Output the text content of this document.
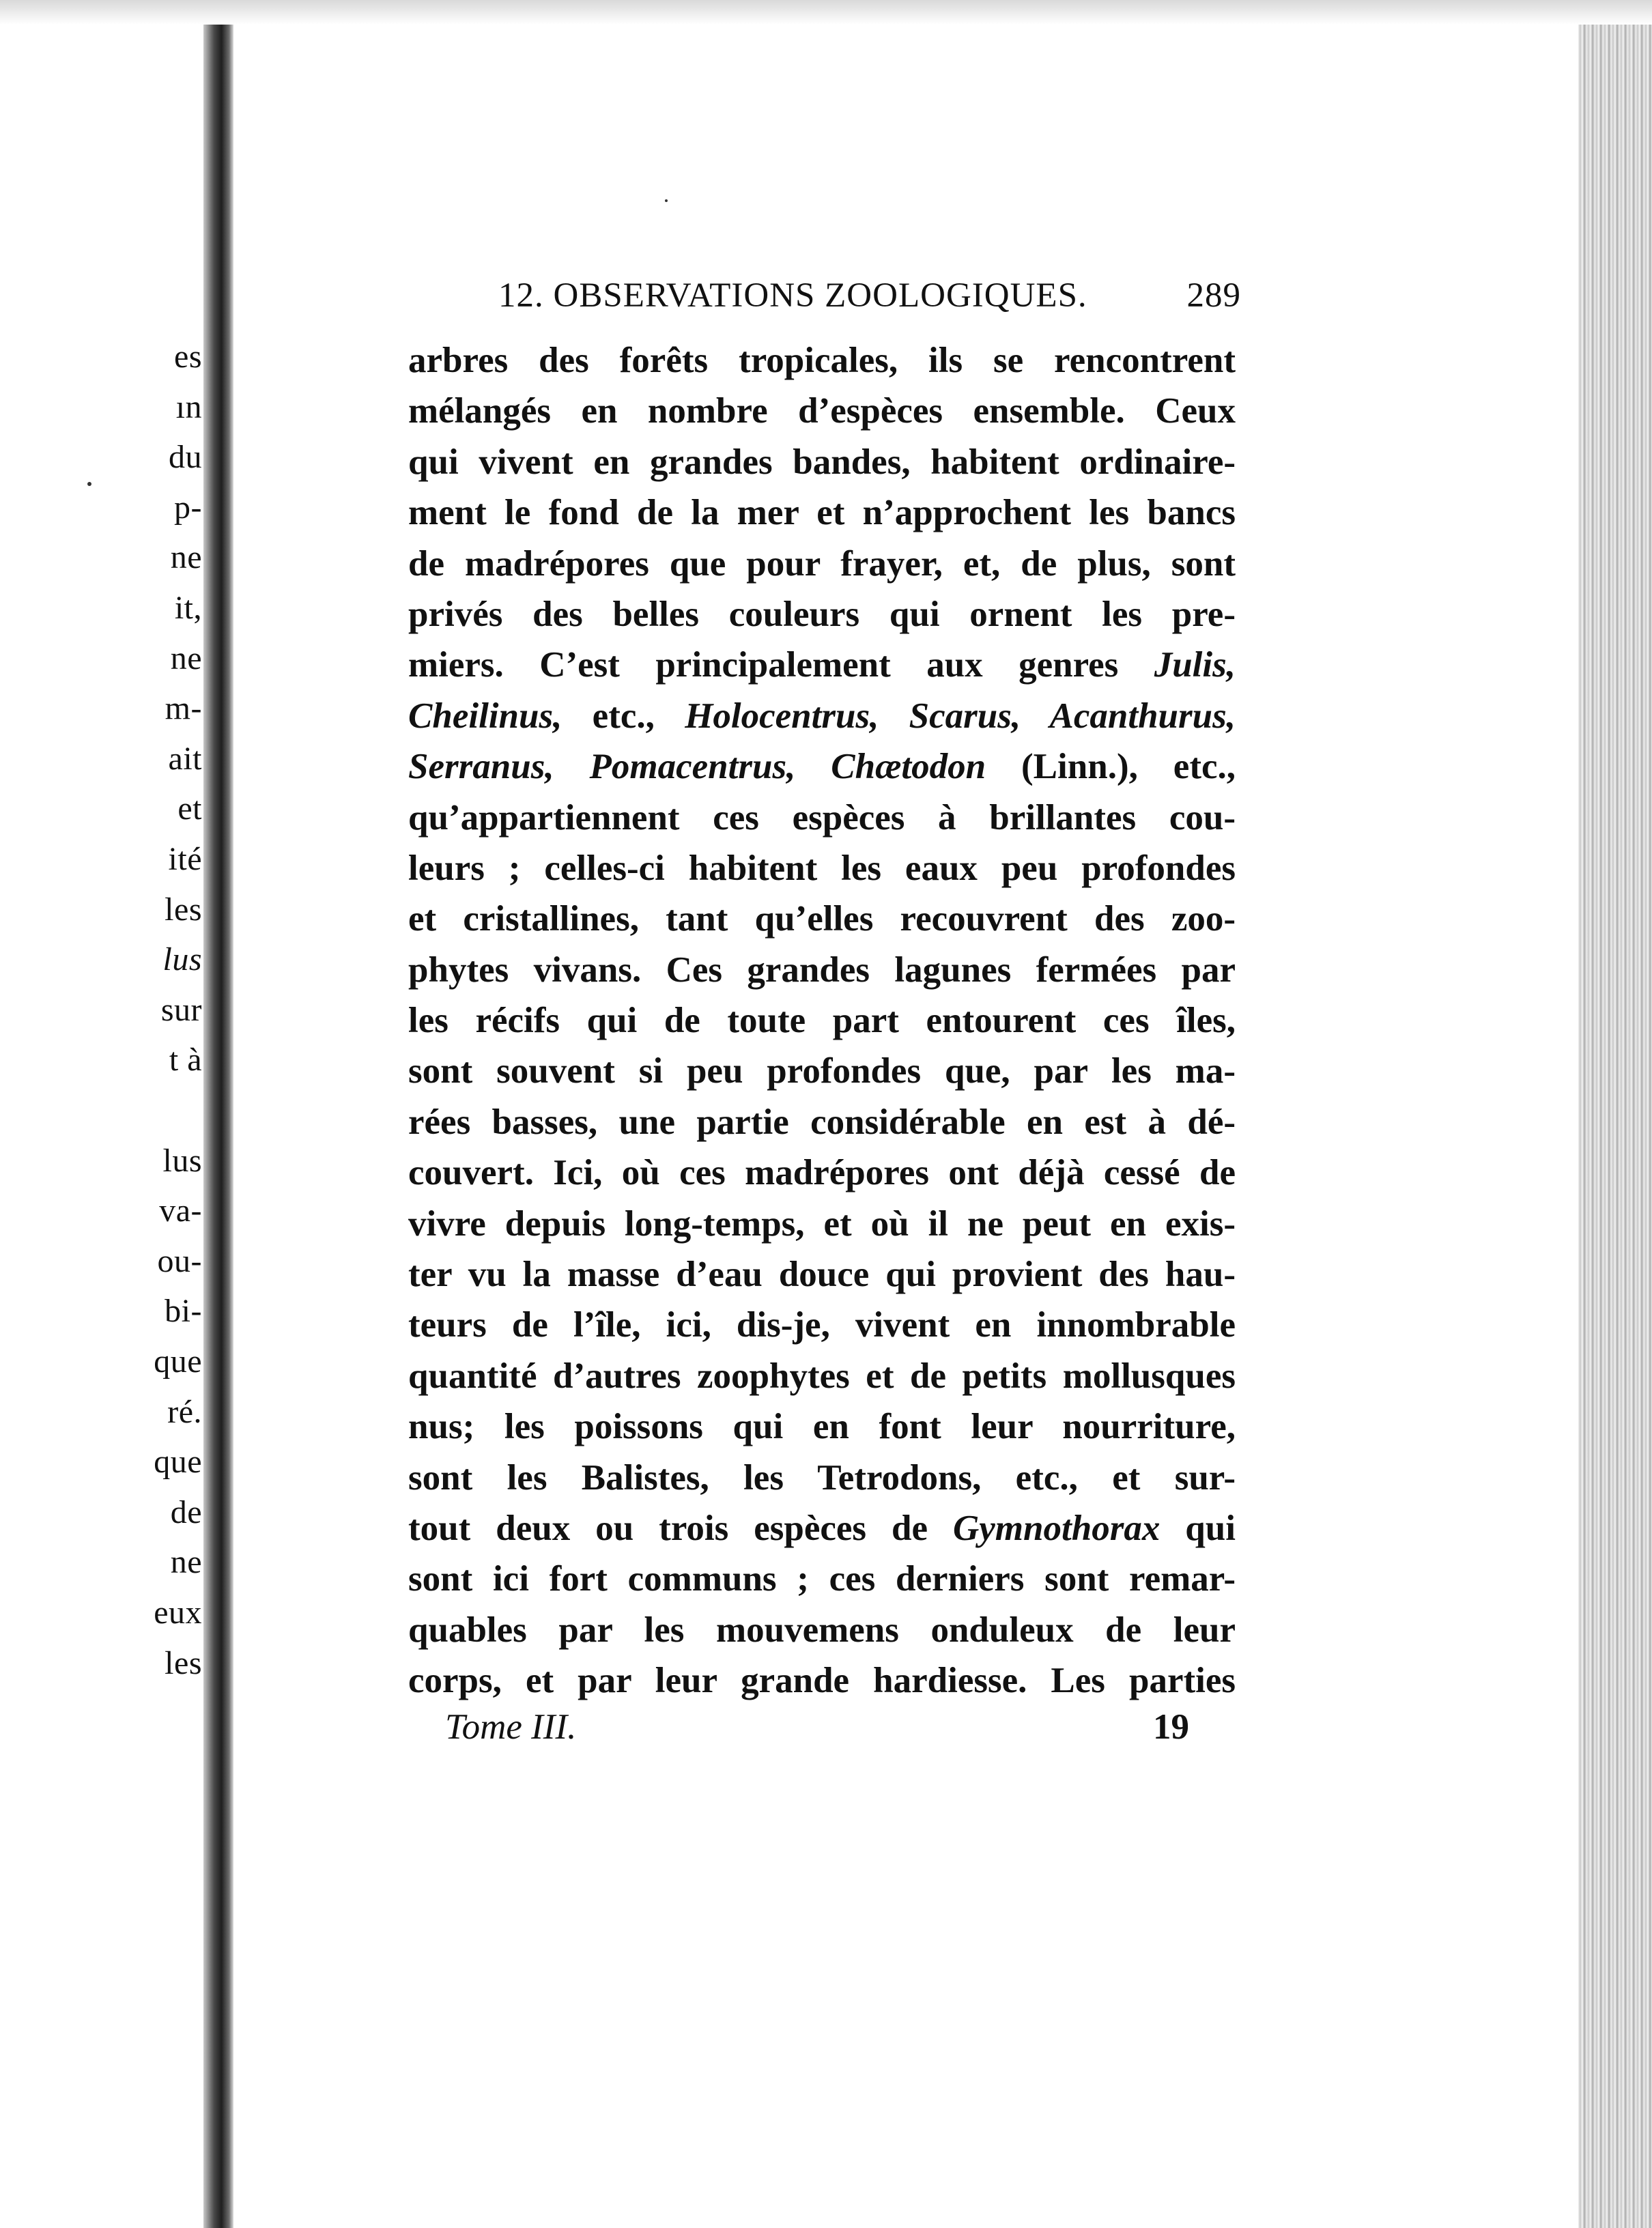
es
ın
du
p-
ne
it,
ne
m-
ait
et
ité
les
lus
sur
t à
lus
va-
ou-
bi-
que
ré.
que
de
ne
eux
les
12. OBSERVATIONS ZOOLOGIQUES.	289
arbres des forêts tropicales, ils se rencontrent
mélangés en nombre d’espèces ensemble. Ceux
qui vivent en grandes bandes, habitent ordinaire-
ment le fond de la mer et n’approchent les bancs
de madrépores que pour frayer, et, de plus, sont
privés des belles couleurs qui ornent les pre-
miers. C’est principalement aux genres Julis,
Cheilinus, etc., Holocentrus, Scarus, Acanthurus,
Serranus, Pomacentrus, Chætodon (Linn.), etc.,
qu’appartiennent ces espèces à brillantes cou-
leurs ; celles-ci habitent les eaux peu profondes
et cristallines, tant qu’elles recouvrent des zoo-
phytes vivans. Ces grandes lagunes fermées par
les récifs qui de toute part entourent ces îles,
sont souvent si peu profondes que, par les ma-
rées basses, une partie considérable en est à dé-
couvert. Ici, où ces madrépores ont déjà cessé de
vivre depuis long-temps, et où il ne peut en exis-
ter vu la masse d’eau douce qui provient des hau-
teurs de l’île, ici, dis-je, vivent en innombrable
quantité d’autres zoophytes et de petits mollusques
nus; les poissons qui en font leur nourriture,
sont les Balistes, les Tetrodons, etc., et sur-
tout deux ou trois espèces de Gymnothorax qui
sont ici fort communs ; ces derniers sont remar-
quables par les mouvemens onduleux de leur
corps, et par leur grande hardiesse. Les parties
Tome III.	19
